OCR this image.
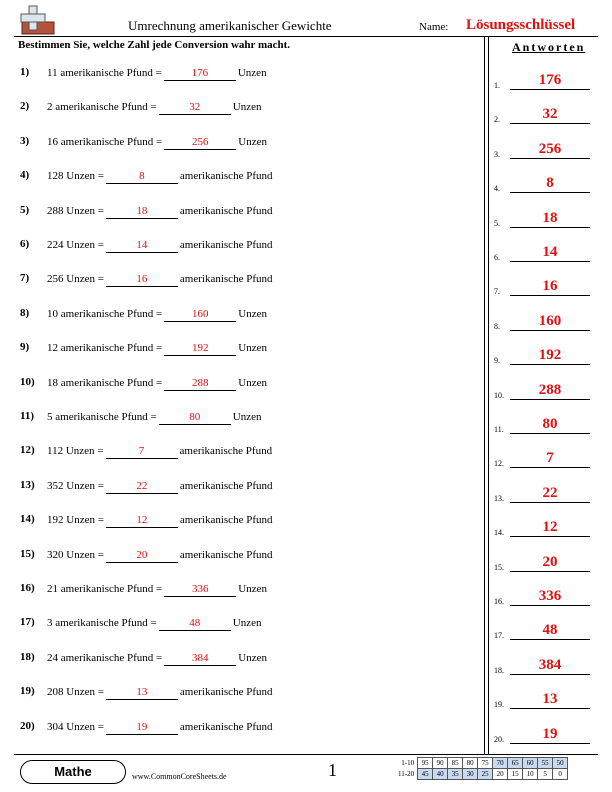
Umrechnung amerikanischer Gewichte	Name: Lösungsschlüssel
Bestimmen Sie, welche Zahl jede Conversion wahr macht.	Antworten
1) 11 amerikanische Pfund =	176	Unzen
2) 2 amerikanische Pfund =	32	Unzen
3) 16 amerikanische Pfund =	256	Unzen
4) 128 Unzen =	8	amerikanische Pfund
5) 288 Unzen =	18	amerikanische Pfund
6) 224 Unzen =	14	amerikanische Pfund
7) 256 Unzen =	16	amerikanische Pfund
8) 10 amerikanische Pfund =	160	Unzen
9) 12 amerikanische Pfund =	192	Unzen
10) 18 amerikanische Pfund =	288	Unzen
11) 5 amerikanische Pfund =	80	Unzen
12) 112 Unzen =	7	amerikanische Pfund
13) 352 Unzen =	22	amerikanische Pfund
14) 192 Unzen =	12	amerikanische Pfund
15) 320 Unzen =	20	amerikanische Pfund
16) 21 amerikanische Pfund =	336	Unzen
17) 3 amerikanische Pfund =	48	Unzen
18) 24 amerikanische Pfund =	384	Unzen
19) 208 Unzen =	13	amerikanische Pfund
20) 304 Unzen =	19	amerikanische Pfund
1.	176
2.	32
3.	256
4.	8
5.	18
6.	14
7.	16
8.	160
9.	192
10.	288
11.	80
12.	7
13.	22
14.	12
15.	20
16.	336
17.	48
18.	384
19.	13
20.	19
Mathe	www.CommonCoreSheets.de	1	1-10	95	90	85	80	75	70	65	60	55	50
11-20	45	40	35	30	25	20	15	10	5	0
